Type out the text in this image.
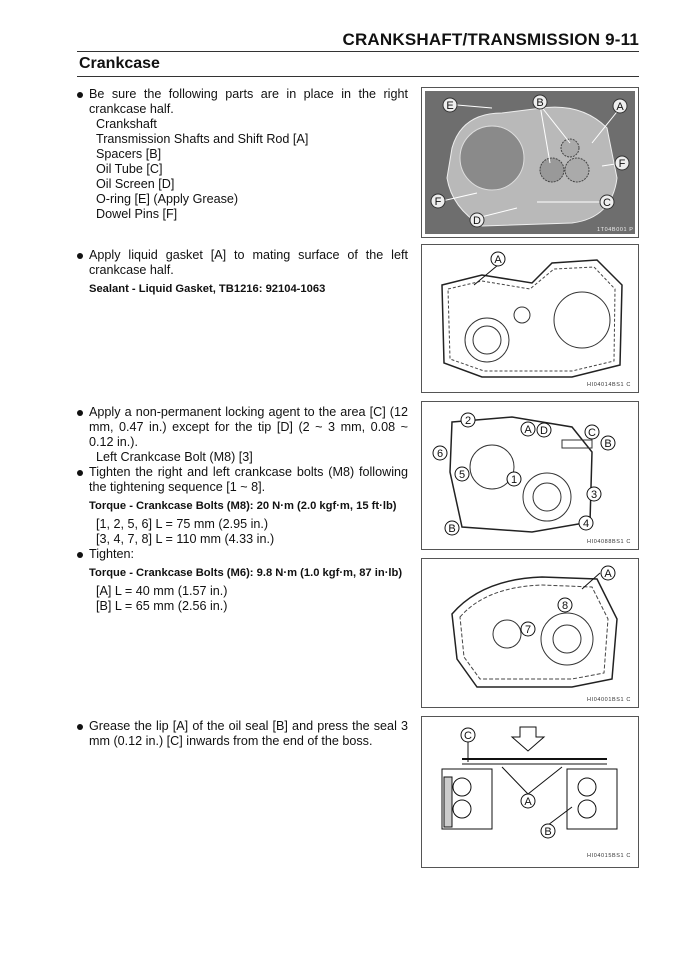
CRANKSHAFT/TRANSMISSION 9-11
Crankcase
Be sure the following parts are in place in the right crankcase half.
Crankshaft
Transmission Shafts and Shift Rod [A]
Spacers [B]
Oil Tube [C]
Oil Screen [D]
O-ring [E] (Apply Grease)
Dowel Pins [F]
Apply liquid gasket [A] to mating surface of the left crankcase half.
Sealant - Liquid Gasket, TB1216: 92104-1063
Apply a non-permanent locking agent to the area [C] (12 mm, 0.47 in.) except for the tip [D] (2 ~ 3 mm, 0.08 ~ 0.12 in.).
Left Crankcase Bolt (M8) [3]
Tighten the right and left crankcase bolts (M8) following the tightening sequence [1 ~ 8].
Torque - Crankcase Bolts (M8): 20 N·m (2.0 kgf·m, 15 ft·lb)
[1, 2, 5, 6] L = 75 mm (2.95 in.)
[3, 4, 7, 8] L = 110 mm (4.33 in.)
Tighten:
Torque - Crankcase Bolts (M6): 9.8 N·m (1.0 kgf·m, 87 in·lb)
[A] L = 40 mm (1.57 in.)
[B] L = 65 mm (2.56 in.)
Grease the lip [A] of the oil seal [B] and press the seal 3 mm (0.12 in.) [C] inwards from the end of the boss.
E	B	A
F
F	C
D
1T04B001 P
A
HI04014BS1 C
2
A D	C
B
6
5	1
3
4
B
HI04088BS1 C
A
8
7
HI04001BS1 C
C
A
B
HI04015BS1 C
